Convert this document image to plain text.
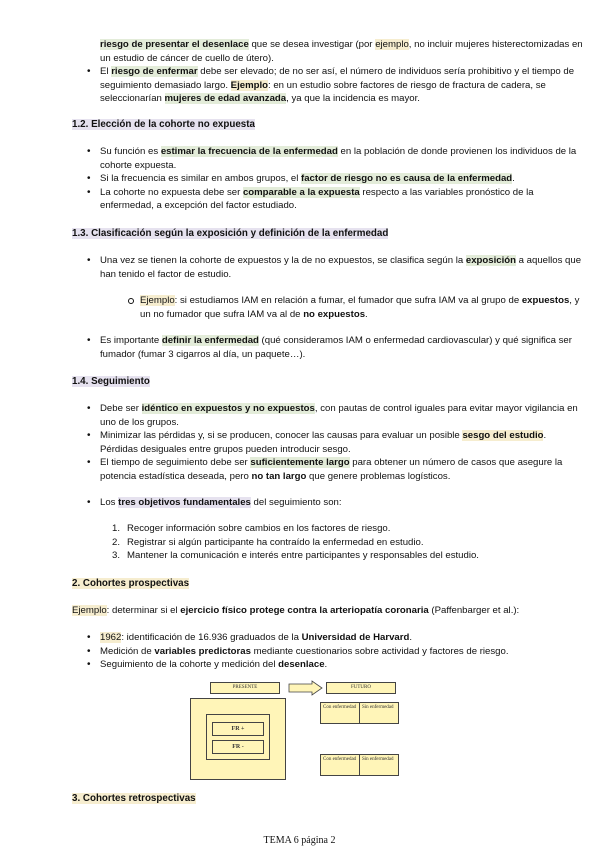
riesgo de presentar el desenlace que se desea investigar (por ejemplo, no incluir mujeres histerectomizadas en un estudio de cáncer de cuello de útero).
• El riesgo de enfermar debe ser elevado; de no ser así, el número de individuos sería prohibitivo y el tiempo de seguimiento demasiado largo. Ejemplo: en un estudio sobre factores de riesgo de fractura de cadera, se seleccionarían mujeres de edad avanzada, ya que la incidencia es mayor.
1.2. Elección de la cohorte no expuesta
• Su función es estimar la frecuencia de la enfermedad en la población de donde provienen los individuos de la cohorte expuesta.
• Si la frecuencia es similar en ambos grupos, el factor de riesgo no es causa de la enfermedad.
• La cohorte no expuesta debe ser comparable a la expuesta respecto a las variables pronóstico de la enfermedad, a excepción del factor estudiado.
1.3. Clasificación según la exposición y definición de la enfermedad
• Una vez se tienen la cohorte de expuestos y la de no expuestos, se clasifica según la exposición a aquellos que han tenido el factor de estudio.
Ejemplo: si estudiamos IAM en relación a fumar, el fumador que sufra IAM va al grupo de expuestos, y un no fumador que sufra IAM va al de no expuestos.
• Es importante definir la enfermedad (qué consideramos IAM o enfermedad cardiovascular) y qué significa ser fumador (fumar 3 cigarros al día, un paquete…).
1.4. Seguimiento
• Debe ser idéntico en expuestos y no expuestos, con pautas de control iguales para evitar mayor vigilancia en uno de los grupos.
• Minimizar las pérdidas y, si se producen, conocer las causas para evaluar un posible sesgo del estudio. Pérdidas desiguales entre grupos pueden introducir sesgo.
• El tiempo de seguimiento debe ser suficientemente largo para obtener un número de casos que asegure la potencia estadística deseada, pero no tan largo que genere problemas logísticos.
• Los tres objetivos fundamentales del seguimiento son:
1. Recoger información sobre cambios en los factores de riesgo.
2. Registrar si algún participante ha contraído la enfermedad en estudio.
3. Mantener la comunicación e interés entre participantes y responsables del estudio.
2. Cohortes prospectivas
Ejemplo: determinar si el ejercicio físico protege contra la arteriopatía coronaria (Paffenbarger et al.):
• 1962: identificación de 16.936 graduados de la Universidad de Harvard.
• Medición de variables predictoras mediante cuestionarios sobre actividad y factores de riesgo.
• Seguimiento de la cohorte y medición del desenlace.
PRESENTE	FUTURO
FR +
FR -
Con enfermedad	Sin enfermedad
Con enfermedad	Sin enfermedad
3. Cohortes retrospectivas
TEMA 6 página 2
